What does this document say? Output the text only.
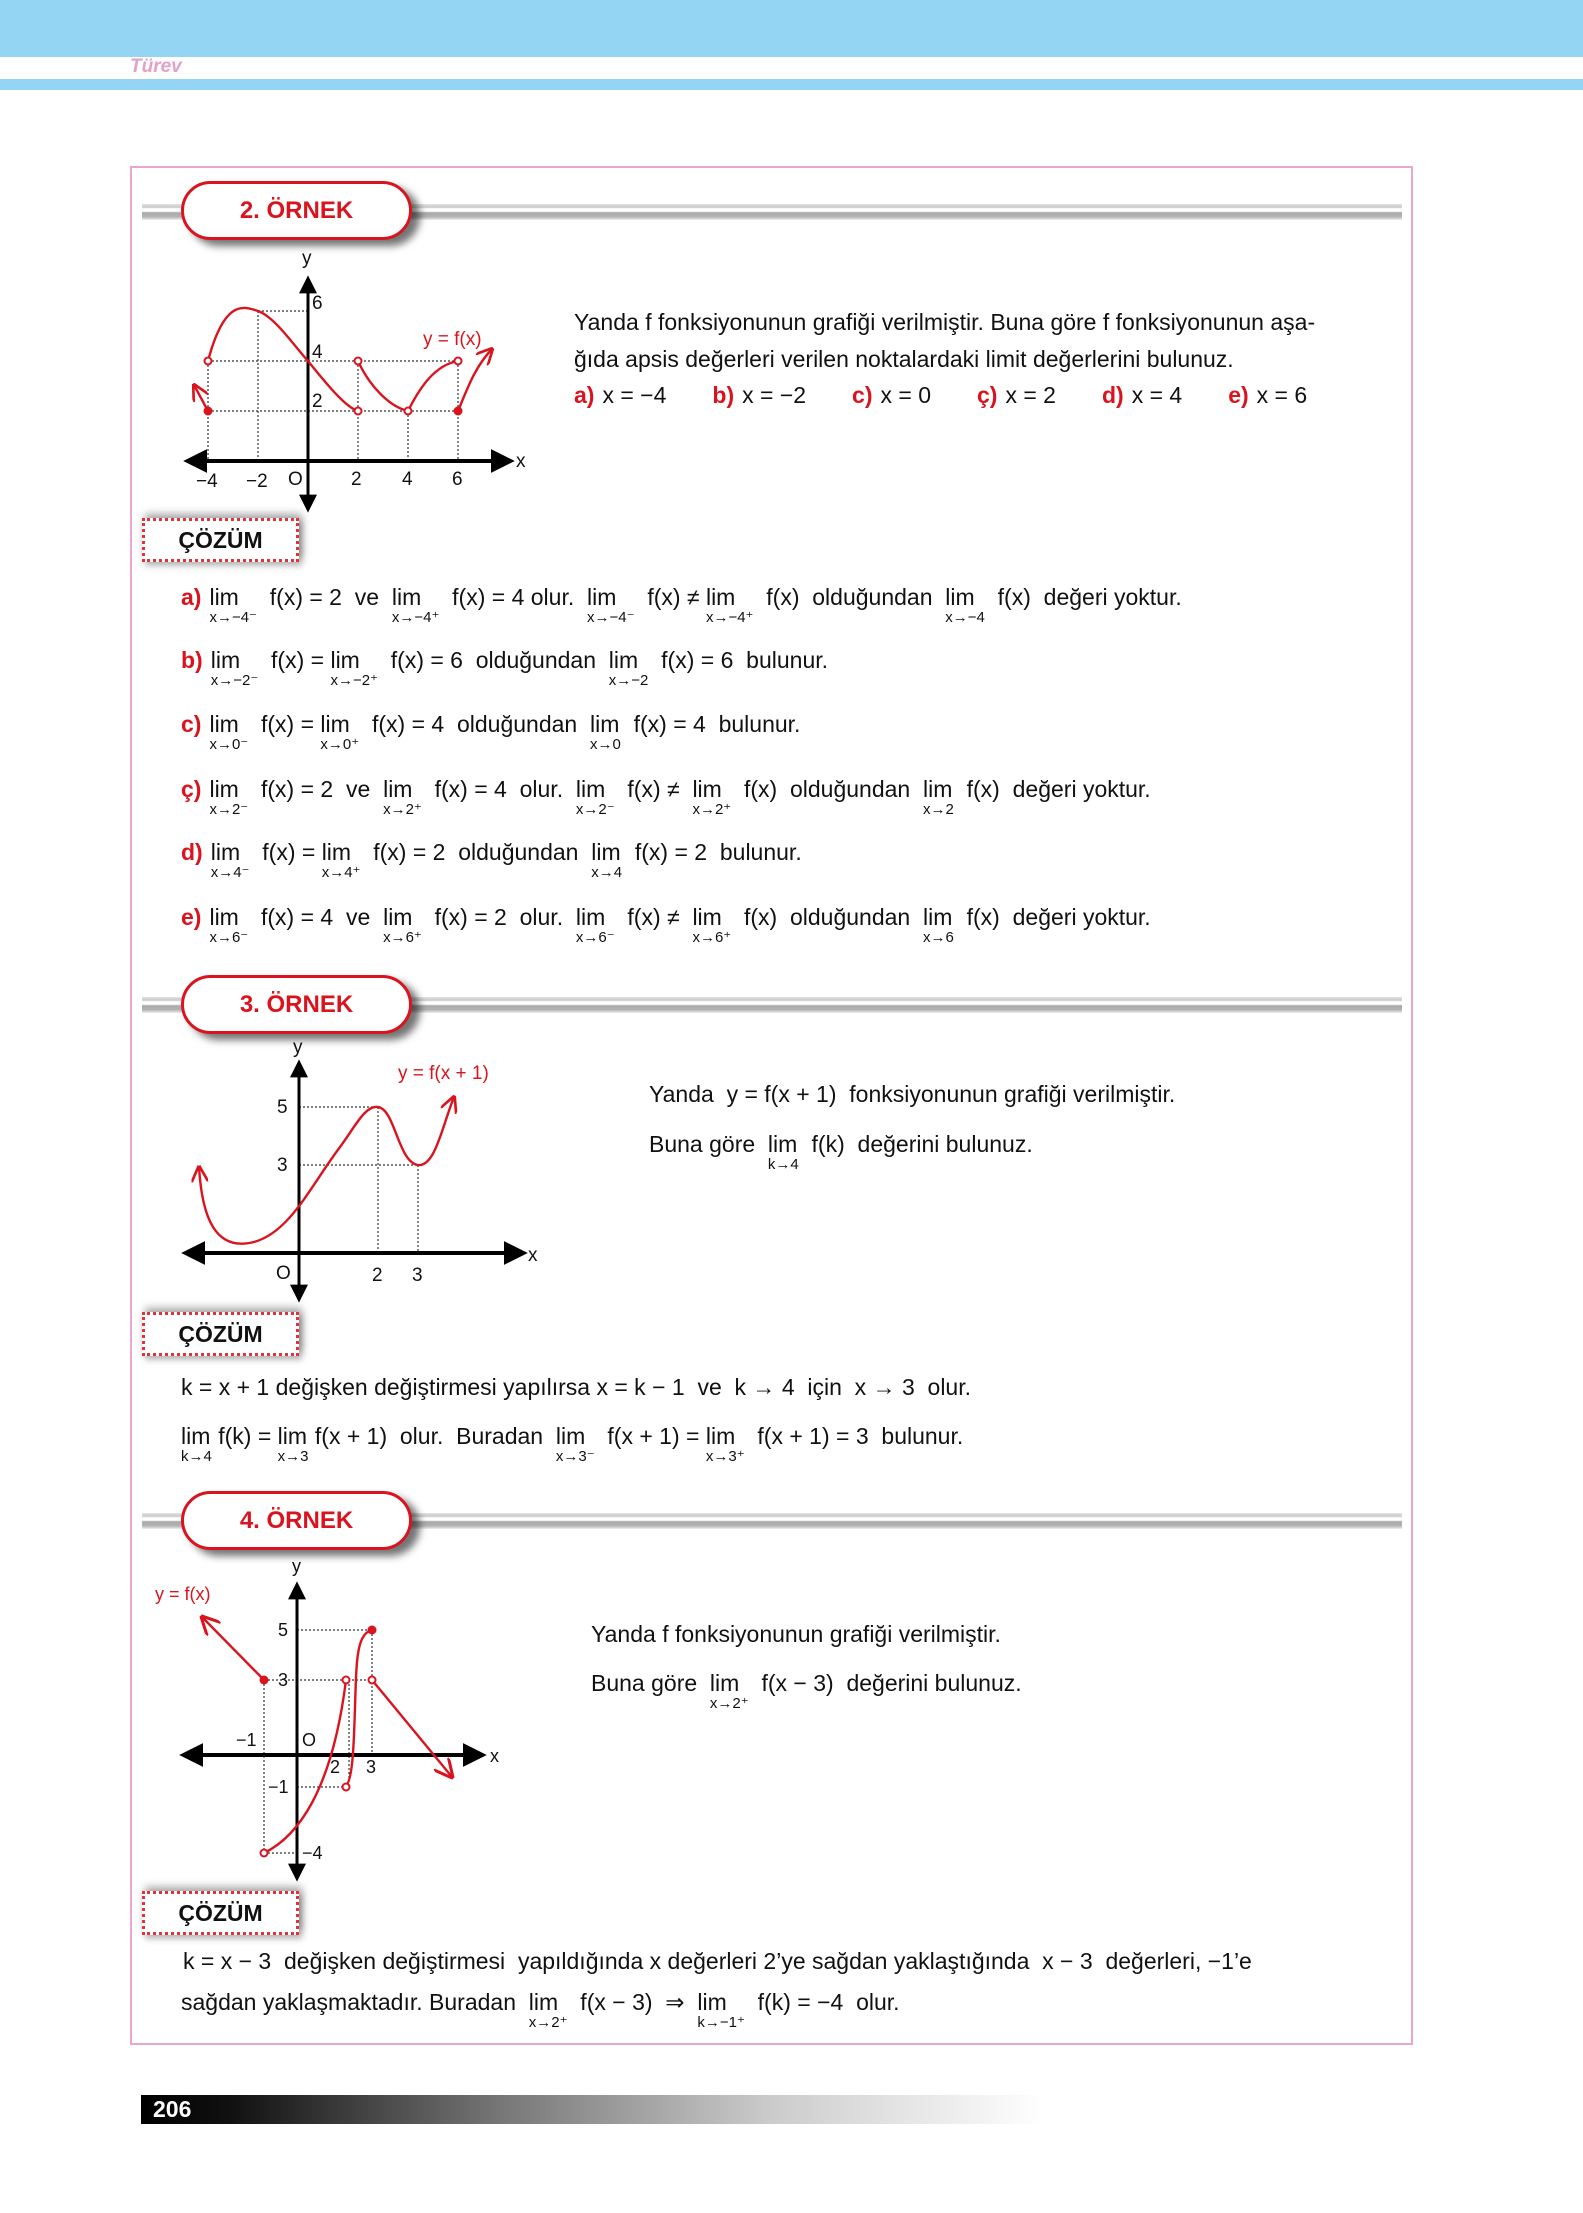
Türev
2. ÖRNEK
y
x
O
−4 −2	2 4 6
6
4
2
y = f(x)
Yanda f fonksiyonunun grafiği verilmiştir. Buna göre f fonksiyonunun aşa-
ğıda apsis değerleri verilen noktalardaki limit değerlerini bulunuz.
a) x = −4 b) x = −2 c) x = 0 ç) x = 2 d) x = 4 e) x = 6
ÇÖZÜM
a) lim
x→−4⁻
f(x) = 2  ve  lim
x→−4⁺
f(x) = 4 olur.  lim
x→−4⁻
f(x) ≠ lim
x→−4⁺
f(x)  olduğundan  lim
x→−4
f(x)  değeri yoktur.
b) lim
x→−2⁻
f(x) = lim
x→−2⁺
f(x) = 6  olduğundan  lim
x→−2
f(x) = 6  bulunur.
c) lim
x→0⁻
f(x) = lim
x→0⁺
f(x) = 4  olduğundan  lim
x→0
f(x) = 4  bulunur.
ç) lim
x→2⁻
f(x) = 2  ve  lim
x→2⁺
f(x) = 4  olur.  lim
x→2⁻
f(x) ≠  lim
x→2⁺
f(x)  olduğundan  lim
x→2
f(x)  değeri yoktur.
d) lim
x→4⁻
f(x) = lim
x→4⁺
f(x) = 2  olduğundan  lim
x→4
f(x) = 2  bulunur.
e) lim
x→6⁻
f(x) = 4  ve  lim
x→6⁺
f(x) = 2  olur.  lim
x→6⁻
f(x) ≠  lim
x→6⁺
f(x)  olduğundan  lim
x→6
f(x)  değeri yoktur.
3. ÖRNEK
y
x
O	2 3
5
3
y = f(x + 1)
Yanda  y = f(x + 1)  fonksiyonunun grafiği verilmiştir.
Buna göre  lim
k→4
f(k)  değerini bulunuz.
ÇÖZÜM
k = x + 1 değişken değiştirmesi yapılırsa x = k − 1  ve  k → 4  için  x → 3  olur.
lim
k→4
f(k) = lim
x→3
f(x + 1)  olur.  Buradan  lim
x→3⁻
f(x + 1) = lim
x→3⁺
f(x + 1) = 3  bulunur.
4. ÖRNEK
y
x
O
−1
2 3
5
3
−1
−4
y = f(x)
Yanda f fonksiyonunun grafiği verilmiştir.
Buna göre  lim
x→2⁺
f(x − 3)  değerini bulunuz.
ÇÖZÜM
k = x − 3  değişken değiştirmesi  yapıldığında x değerleri 2’ye sağdan yaklaştığında  x − 3  değerleri, −1’e
sağdan yaklaşmaktadır. Buradan  lim
x→2⁺
f(x − 3)  ⇒  lim
k→−1⁺
f(k) = −4  olur.
206
